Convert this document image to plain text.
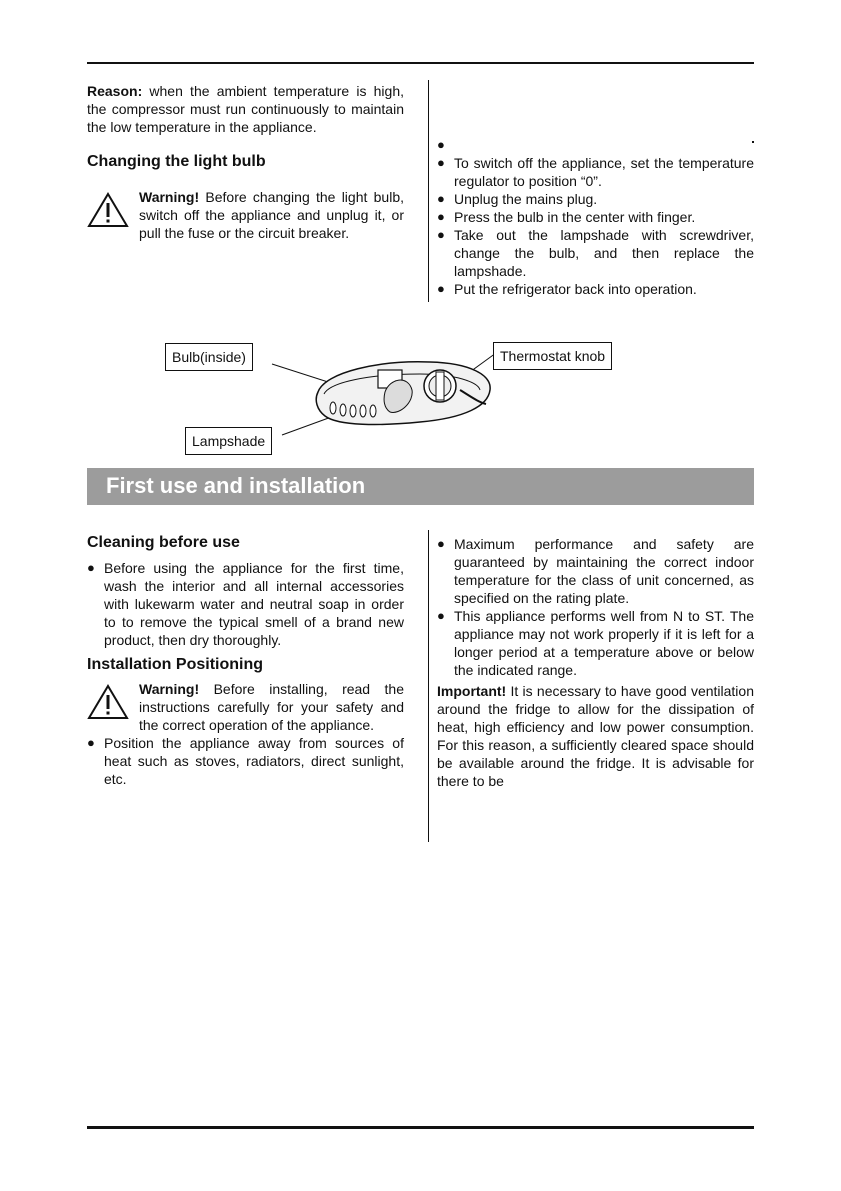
Reason: when the ambient temperature is high, the compressor must run continuously to maintain the low temperature in the appliance.

Changing the light bulb
Warning! Before changing the light bulb, switch off the appliance and unplug it, or pull the fuse or the circuit breaker.
●
● To switch off the appliance, set the temperature regulator to position “0”.
● Unplug the mains plug.
● Press the bulb in the center with finger.
● Take out the lampshade with screwdriver, change the bulb, and then replace the lampshade.
● Put the refrigerator back into operation.
Bulb(inside)	Thermostat knob
Lampshade
First use and installation
Cleaning before use
● Before using the appliance for the first time, wash the interior and all internal accessories with lukewarm water and neutral soap in order to to remove the typical smell of a brand new product, then dry thoroughly.
Installation Positioning
Warning! Before installing, read the instructions carefully for your safety and the correct operation of the appliance.
● Position the appliance away from sources of heat such as stoves, radiators, direct sunlight, etc.
● Maximum performance and safety are guaranteed by maintaining the correct indoor temperature for the class of unit concerned, as specified on the rating plate.
● This appliance performs well from N to ST. The appliance may not work properly if it is left for a longer period at a temperature above or below the indicated range.

Important! It is necessary to have good ventilation around the fridge to allow for the dissipation of heat, high efficiency and low power consumption. For this reason, a sufficiently cleared space should be available around the fridge. It is advisable for there to be
